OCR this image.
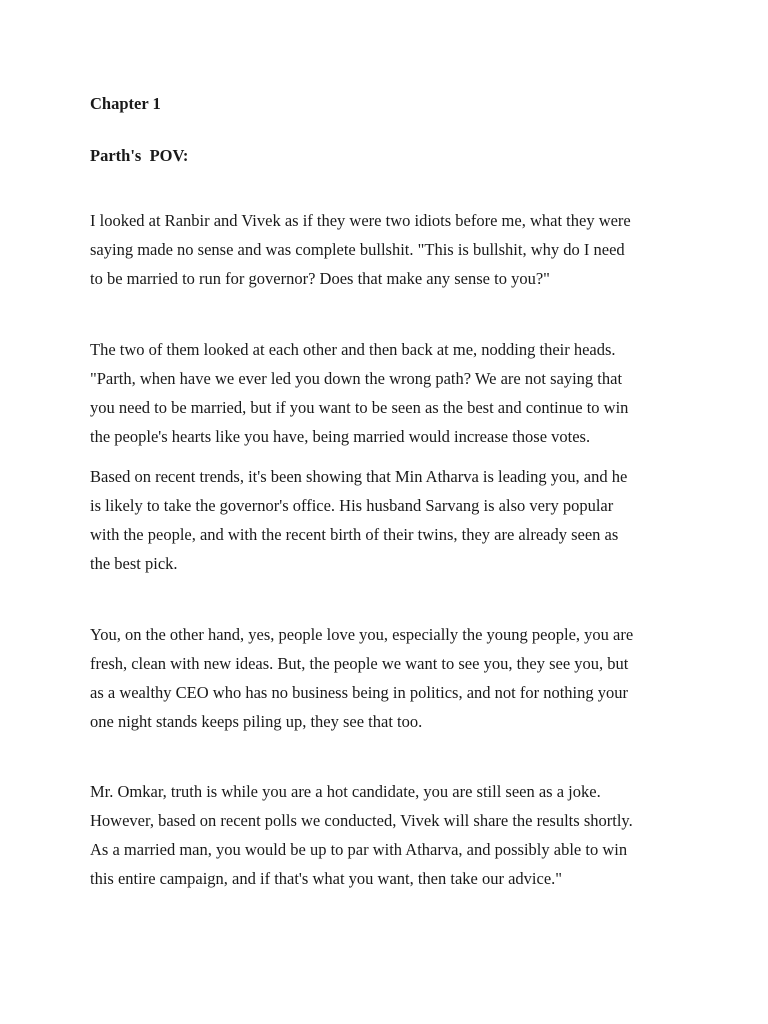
Chapter 1
Parth's  POV:

I looked at Ranbir and Vivek as if they were two idiots before me, what they were
saying made no sense and was complete bullshit. "This is bullshit, why do I need
to be married to run for governor? Does that make any sense to you?"

The two of them looked at each other and then back at me, nodding their heads.
"Parth, when have we ever led you down the wrong path? We are not saying that
you need to be married, but if you want to be seen as the best and continue to win
the people's hearts like you have, being married would increase those votes.

Based on recent trends, it's been showing that Min Atharva is leading you, and he
is likely to take the governor's office. His husband Sarvang is also very popular
with the people, and with the recent birth of their twins, they are already seen as
the best pick.

You, on the other hand, yes, people love you, especially the young people, you are
fresh, clean with new ideas. But, the people we want to see you, they see you, but
as a wealthy CEO who has no business being in politics, and not for nothing your
one night stands keeps piling up, they see that too.

Mr. Omkar, truth is while you are a hot candidate, you are still seen as a joke.
However, based on recent polls we conducted, Vivek will share the results shortly.
As a married man, you would be up to par with Atharva, and possibly able to win
this entire campaign, and if that's what you want, then take our advice."
